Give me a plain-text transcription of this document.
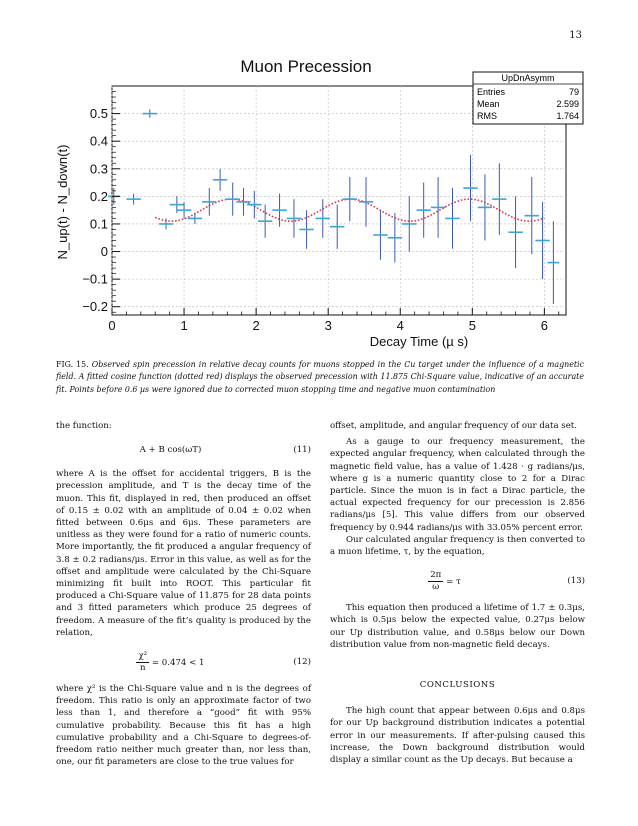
13
Muon Precession
0	1	2	3	4	5	6
−0.2
−0.1
0
0.1
0.2
0.3
0.4
0.5
Decay Time (µ s)
N_up(t) - N_down(t)
UpDnAsymm
Entries	79
Mean	2.599
RMS	1.764
FIG. 15. Observed spin precession in relative decay counts for muons stopped in the Cu target under the influence of a magnetic field. A fitted cosine function (dotted red) displays the observed precession with 11.875 Chi-Square value, indicative of an accurate fit. Points before 0.6 µs were ignored due to corrected muon stopping time and negative muon contamination

the function:

A + B cos(ωT)	(11)

where A is the offset for accidental triggers, B is the precession amplitude, and T is the decay time of the muon. This fit, displayed in red, then produced an offset of 0.15 ± 0.02 with an amplitude of 0.04 ± 0.02 when fitted between 0.6μs and 6μs. These parameters are unitless as they were found for a ratio of numeric counts. More importantly, the fit produced a angular frequency of 3.8 ± 0.2 radians/μs. Error in this value, as well as for the offset and amplitude were calculated by the Chi-Square minimizing fit built into ROOT. This particular fit produced a Chi-Square value of 11.875 for 28 data points and 3 fitted parameters which produce 25 degrees of freedom. A measure of the fit’s quality is produced by the relation,

$\frac{\text{χ²}}{n} = 0.474 < 1$	(12)

where χ² is the Chi-Square value and n is the degrees of freedom. This ratio is only an approximate factor of two less than 1, and therefore a “good” fit with 95% cumulative probability. Because this fit has a high cumulative probability and a Chi-Square to degrees-of-freedom ratio neither much greater than, nor less than, one, our fit parameters are close to the true values for

offset, amplitude, and angular frequency of our data set.

As a gauge to our frequency measurement, the expected angular frequency, when calculated through the magnetic field value, has a value of 1.428 · g radians/μs, where g is a numeric quantity close to 2 for a Dirac particle. Since the muon is in fact a Dirac particle, the actual expected frequency for our precession is 2.856 radians/μs [5]. This value differs from our observed frequency by 0.944 radians/μs with 33.05% percent error.

Our calculated angular frequency is then converted to a muon lifetime, τ, by the equation,

$\frac{2\pi}{\omega} = \tau$	(13)

This equation then produced a lifetime of 1.7 ± 0.3μs, which is 0.5μs below the expected value, 0.27μs below our Up distribution value, and 0.58μs below our Down distribution value from non-magnetic field decays.

CONCLUSIONS

The high count that appear between 0.6μs and 0.8μs for our Up background distribution indicates a potential error in our measurements. If after-pulsing caused this increase, the Down background distribution would display a similar count as the Up decays. But because a
